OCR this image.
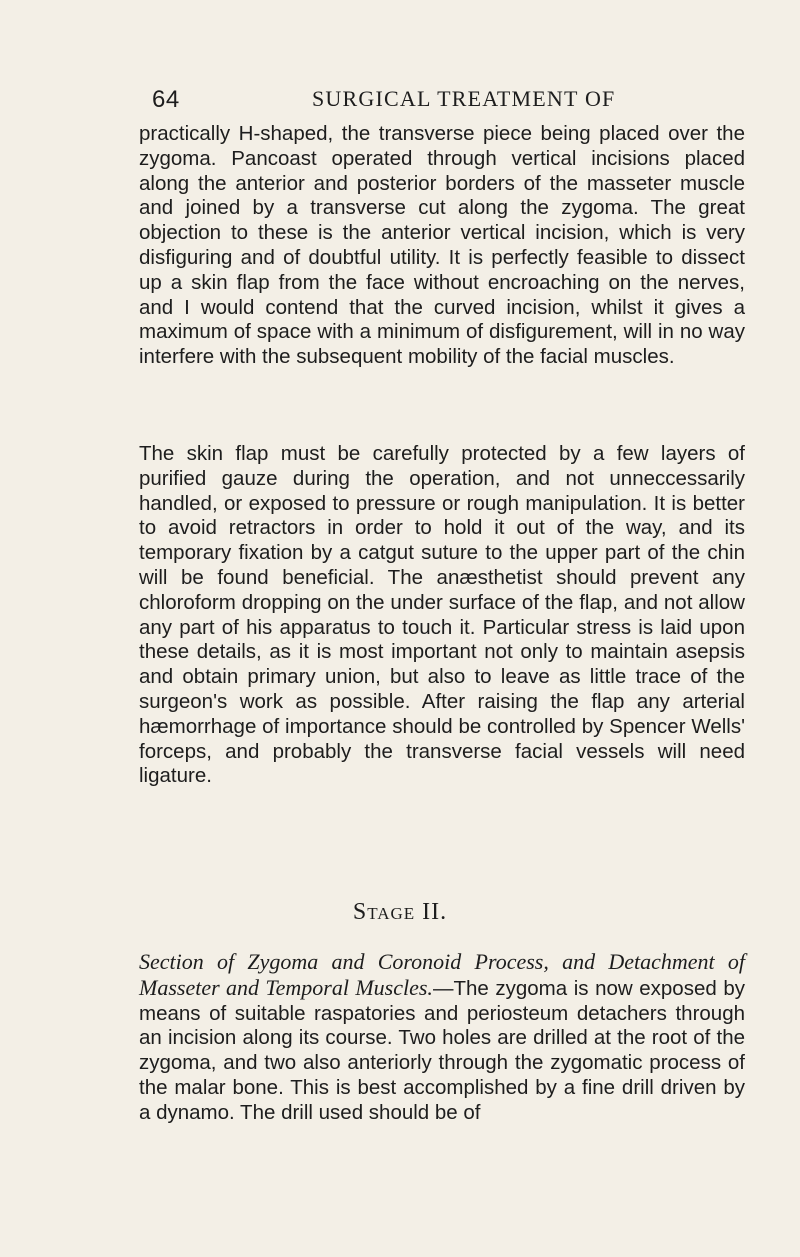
64	SURGICAL TREATMENT OF

practically H-shaped, the transverse piece being placed over the zygoma. Pancoast operated through vertical incisions placed along the anterior and posterior borders of the masseter muscle and joined by a transverse cut along the zygoma. The great objection to these is the anterior vertical incision, which is very disfiguring and of doubtful utility. It is perfectly feasible to dissect up a skin flap from the face without encroaching on the nerves, and I would contend that the curved incision, whilst it gives a maximum of space with a minimum of disfigurement, will in no way interfere with the subsequent mobility of the facial muscles.

The skin flap must be carefully protected by a few layers of purified gauze during the operation, and not unneccessarily handled, or exposed to pressure or rough manipulation. It is better to avoid retractors in order to hold it out of the way, and its temporary fixation by a catgut suture to the upper part of the chin will be found beneficial. The anæsthetist should prevent any chloroform dropping on the under surface of the flap, and not allow any part of his apparatus to touch it. Particular stress is laid upon these details, as it is most important not only to maintain asepsis and obtain primary union, but also to leave as little trace of the surgeon's work as possible. After raising the flap any arterial hæmorrhage of importance should be controlled by Spencer Wells' forceps, and probably the transverse facial vessels will need ligature.

Stage II.

Section of Zygoma and Coronoid Process, and Detachment of Masseter and Temporal Muscles.—The zygoma is now exposed by means of suitable raspatories and periosteum detachers through an incision along its course. Two holes are drilled at the root of the zygoma, and two also anteriorly through the zygomatic process of the malar bone. This is best accomplished by a fine drill driven by a dynamo. The drill used should be of
